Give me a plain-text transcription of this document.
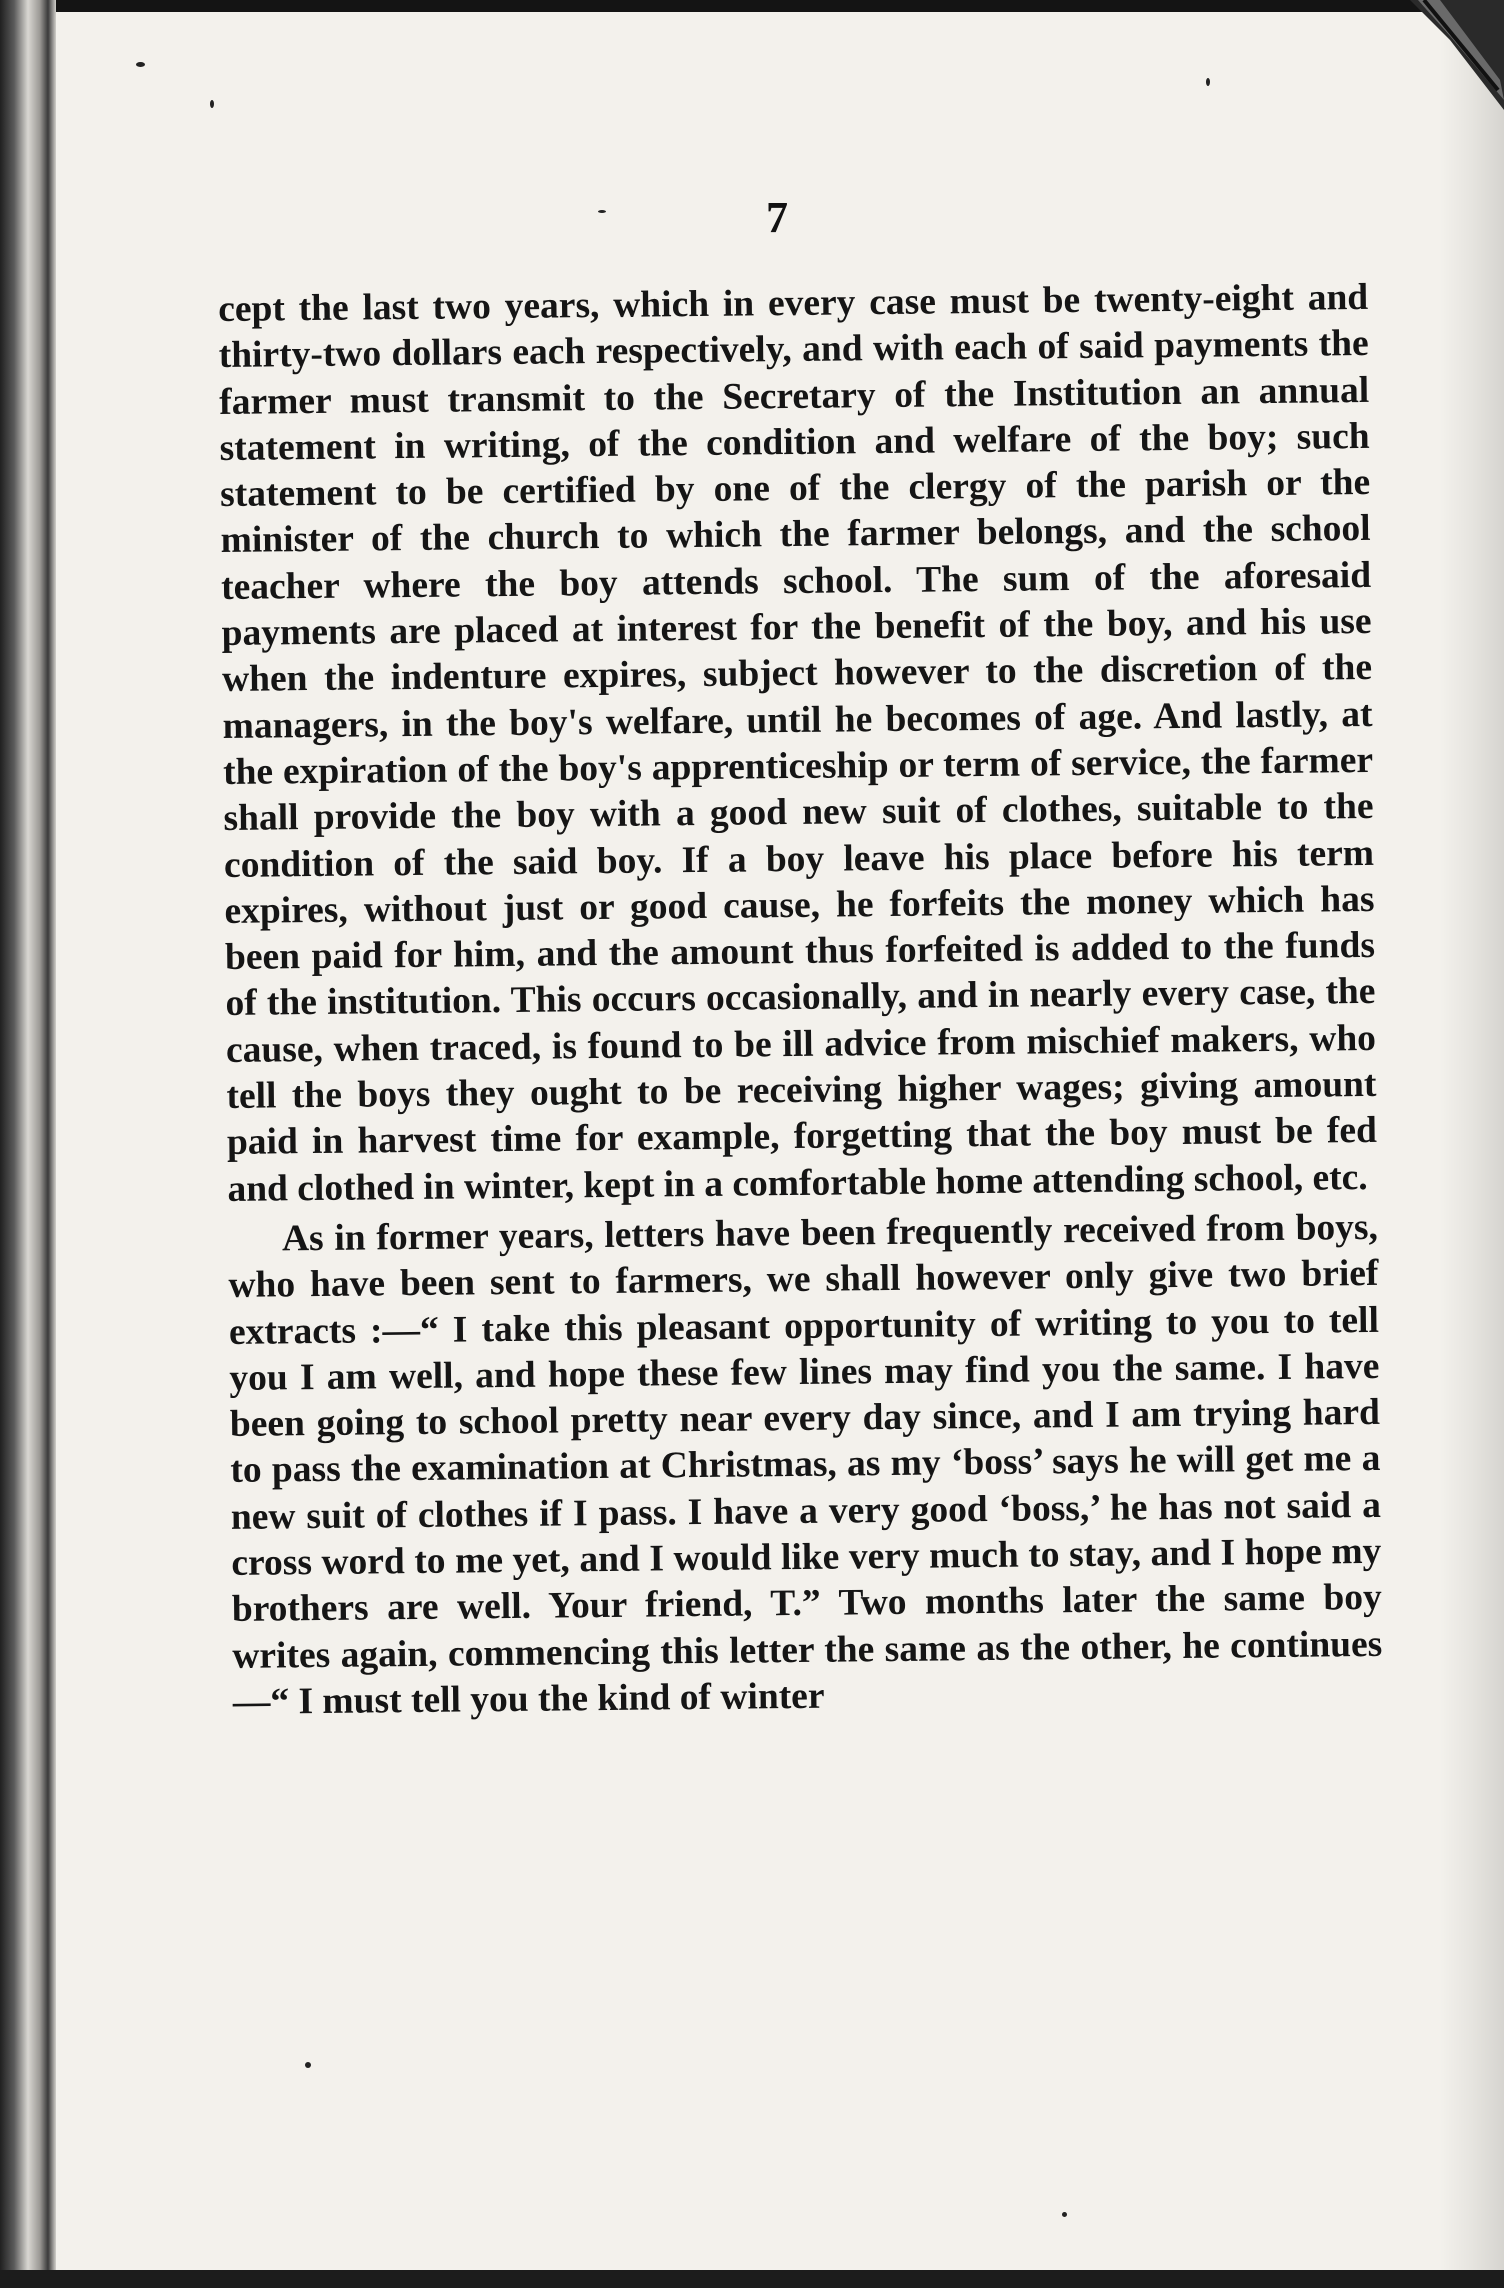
7

cept the last two years, which in every case must be twenty-eight and thirty-two dollars each respectively, and with each of said payments the farmer must transmit to the Secretary of the Institution an annual statement in writing, of the condition and welfare of the boy; such statement to be certified by one of the clergy of the parish or the minister of the church to which the farmer belongs, and the school teacher where the boy attends school. The sum of the aforesaid payments are placed at interest for the benefit of the boy, and his use when the indenture expires, subject however to the discretion of the managers, in the boy's welfare, until he becomes of age. And lastly, at the expiration of the boy's apprenticeship or term of service, the farmer shall provide the boy with a good new suit of clothes, suitable to the condition of the said boy. If a boy leave his place before his term expires, without just or good cause, he forfeits the money which has been paid for him, and the amount thus forfeited is added to the funds of the institution. This occurs occasionally, and in nearly every case, the cause, when traced, is found to be ill advice from mischief makers, who tell the boys they ought to be receiving higher wages; giving amount paid in harvest time for example, forgetting that the boy must be fed and clothed in winter, kept in a comfortable home attending school, etc.

As in former years, letters have been frequently received from boys, who have been sent to farmers, we shall however only give two brief extracts :—“ I take this pleasant opportunity of writing to you to tell you I am well, and hope these few lines may find you the same. I have been going to school pretty near every day since, and I am trying hard to pass the examination at Christmas, as my ‘boss’ says he will get me a new suit of clothes if I pass. I have a very good ‘boss,’ he has not said a cross word to me yet, and I would like very much to stay, and I hope my brothers are well. Your friend, T.” Two months later the same boy writes again, commencing this letter the same as the other, he continues—“ I must tell you the kind of winter
